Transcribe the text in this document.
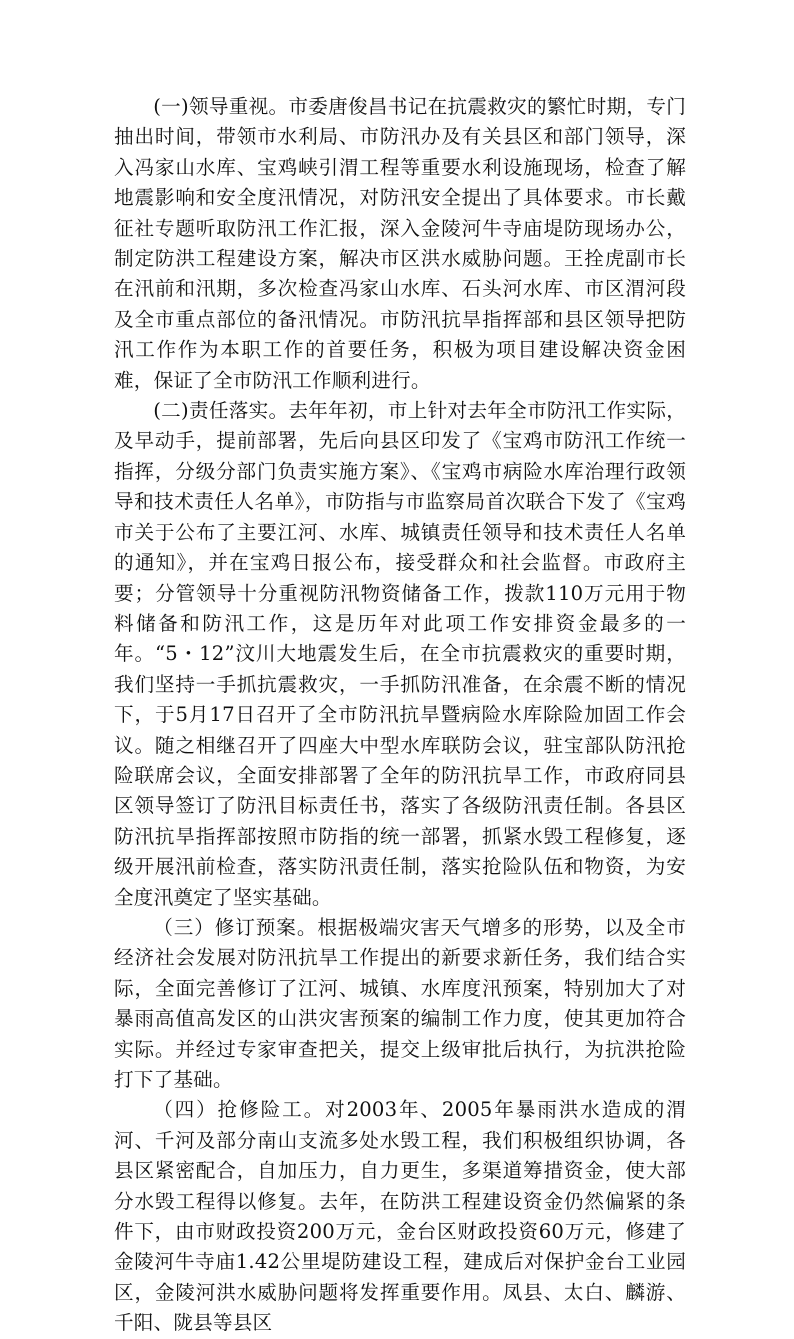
(一)领导重视。市委唐俊昌书记在抗震救灾的繁忙时期，专门抽出时间，带领市水利局、市防汛办及有关县区和部门领导，深入冯家山水库、宝鸡峡引渭工程等重要水利设施现场，检查了解地震影响和安全度汛情况，对防汛安全提出了具体要求。市长戴征社专题听取防汛工作汇报，深入金陵河牛寺庙堤防现场办公，制定防洪工程建设方案，解决市区洪水威胁问题。王拴虎副市长在汛前和汛期，多次检查冯家山水库、石头河水库、市区渭河段及全市重点部位的备汛情况。市防汛抗旱指挥部和县区领导把防汛工作作为本职工作的首要任务，积极为项目建设解决资金困难，保证了全市防汛工作顺利进行。

(二)责任落实。去年年初，市上针对去年全市防汛工作实际，及早动手，提前部署，先后向县区印发了《宝鸡市防汛工作统一指挥，分级分部门负责实施方案》、《宝鸡市病险水库治理行政领导和技术责任人名单》，市防指与市监察局首次联合下发了《宝鸡市关于公布了主要江河、水库、城镇责任领导和技术责任人名单的通知》，并在宝鸡日报公布，接受群众和社会监督。市政府主要；分管领导十分重视防汛物资储备工作，拨款110万元用于物料储备和防汛工作，这是历年对此项工作安排资金最多的一年。“5・12”汶川大地震发生后，在全市抗震救灾的重要时期，我们坚持一手抓抗震救灾，一手抓防汛准备，在余震不断的情况下，于5月17日召开了全市防汛抗旱暨病险水库除险加固工作会议。随之相继召开了四座大中型水库联防会议，驻宝部队防汛抢险联席会议，全面安排部署了全年的防汛抗旱工作，市政府同县区领导签订了防汛目标责任书，落实了各级防汛责任制。各县区防汛抗旱指挥部按照市防指的统一部署，抓紧水毁工程修复，逐级开展汛前检查，落实防汛责任制，落实抢险队伍和物资，为安全度汛奠定了坚实基础。

（三）修订预案。根据极端灾害天气增多的形势，以及全市经济社会发展对防汛抗旱工作提出的新要求新任务，我们结合实际，全面完善修订了江河、城镇、水库度汛预案，特别加大了对暴雨高值高发区的山洪灾害预案的编制工作力度，使其更加符合实际。并经过专家审查把关，提交上级审批后执行，为抗洪抢险打下了基础。

（四）抢修险工。对2003年、2005年暴雨洪水造成的渭河、千河及部分南山支流多处水毁工程，我们积极组织协调，各县区紧密配合，自加压力，自力更生，多渠道筹措资金，使大部分水毁工程得以修复。去年，在防洪工程建设资金仍然偏紧的条件下，由市财政投资200万元，金台区财政投资60万元，修建了金陵河牛寺庙1.42公里堤防建设工程，建成后对保护金台工业园区，金陵河洪水威胁问题将发挥重要作用。凤县、太白、麟游、千阳、陇县等县区
